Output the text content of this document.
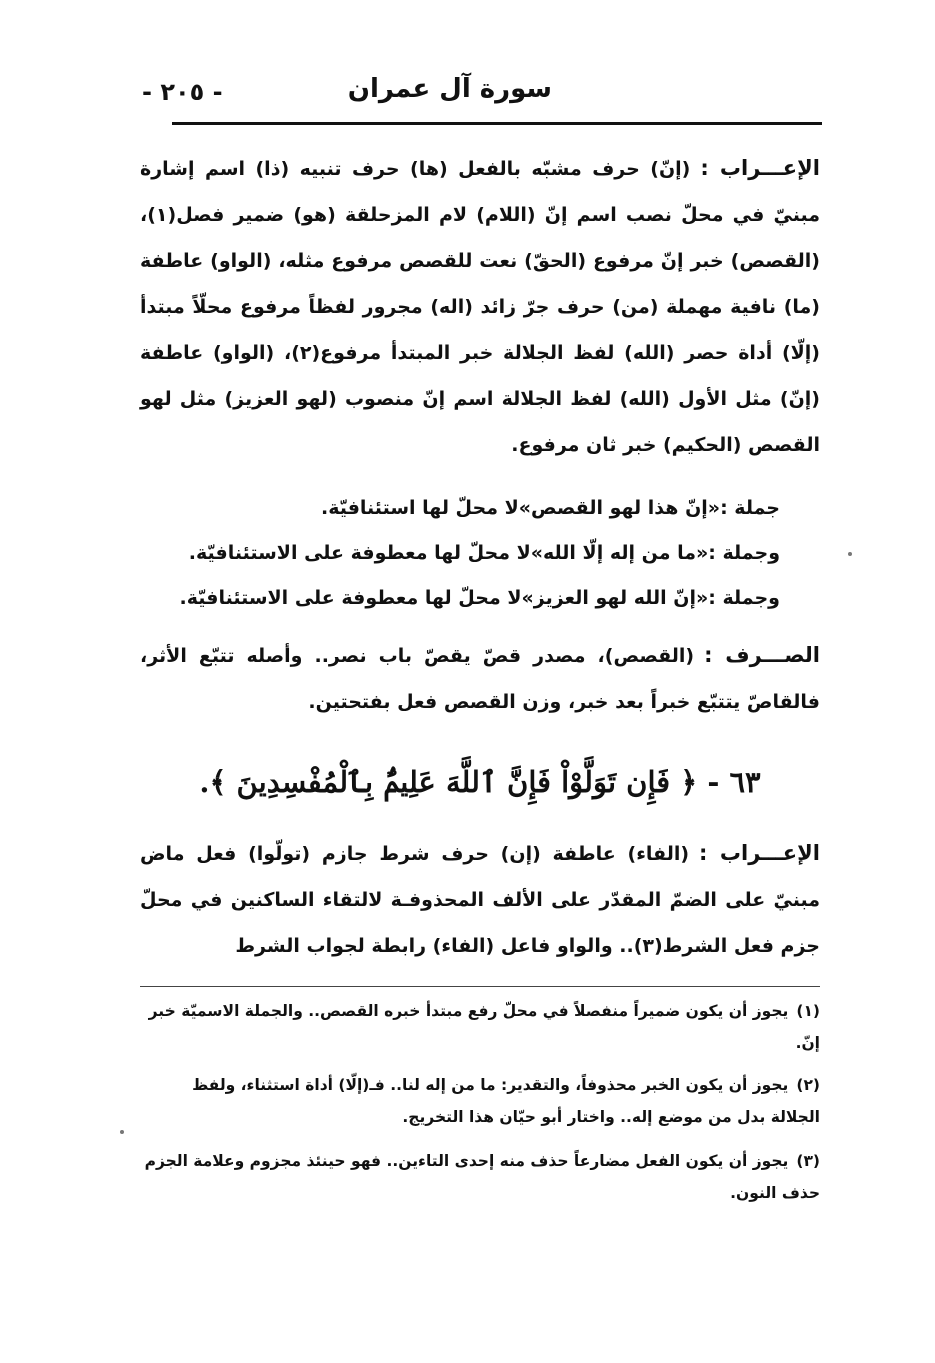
سورة آل عمران
- ٢٠٥ -
الإعـــراب :(إنّ) حرف مشبّه بالفعل (ها) حرف تنبيه (ذا) اسم إشارة مبنيّ في محلّ نصب اسم إنّ (اللام) لام المزحلقة (هو) ضمير فصل(١)، (القصص) خبر إنّ مرفوع (الحقّ) نعت للقصص مرفوع مثله، (الواو) عاطفة (ما) نافية مهملة (من) حرف جرّ زائد (اله) مجرور لفظاً مرفوع محلّاً مبتدأ (إلّا) أداة حصر (الله) لفظ الجلالة خبر المبتدأ مرفوع(٢)، (الواو) عاطفة (إنّ) مثل الأول (الله) لفظ الجلالة اسم إنّ منصوب (لهو العزيز) مثل لهو القصص (الحكيم) خبر ثان مرفوع.
جملة :«إنّ هذا لهو القصص»لا محلّ لها استئنافيّة.
وجملة :«ما من إله إلّا الله»لا محلّ لها معطوفة على الاستئنافيّة.
وجملة :«إنّ الله لهو العزيز»لا محلّ لها معطوفة على الاستئنافيّة.
الصـــرف :(القصص)، مصدر قصّ يقصّ باب نصر.. وأصله تتبّع الأثر، فالقاصّ يتتبّع خبراً بعد خبر، وزن القصص فعل بفتحتين.
٦٣ - ﴿ فَإِن تَوَلَّوْاْ فَإِنَّ ٱللَّهَ عَلِيمٌۢ بِٱلْمُفْسِدِينَ ﴾.
الإعـــراب :(الفاء) عاطفة (إن) حرف شرط جازم (تولّوا) فعل ماض مبنيّ على الضمّ المقدّر على الألف المحذوفـة لالتقاء الساكنين في محلّ جزم فعل الشرط(٣).. والواو فاعل (الفاء) رابطة لجواب الشرط
(١)يجوز أن يكون ضميراً منفصلاً في محلّ رفع مبتدأ خبره القصص.. والجملة الاسميّة خبر إنّ.
(٢)يجوز أن يكون الخبر محذوفاً، والتقدير: ما من إله لنا.. فـ(إلّا) أداة استثناء، ولفظ الجلالة بدل من موضع إله.. واختار أبو حيّان هذا التخريج.
(٣)يجوز أن يكون الفعل مضارعاً حذف منه إحدى التاءين.. فهو حينئذ مجزوم وعلامة الجزم حذف النون.
